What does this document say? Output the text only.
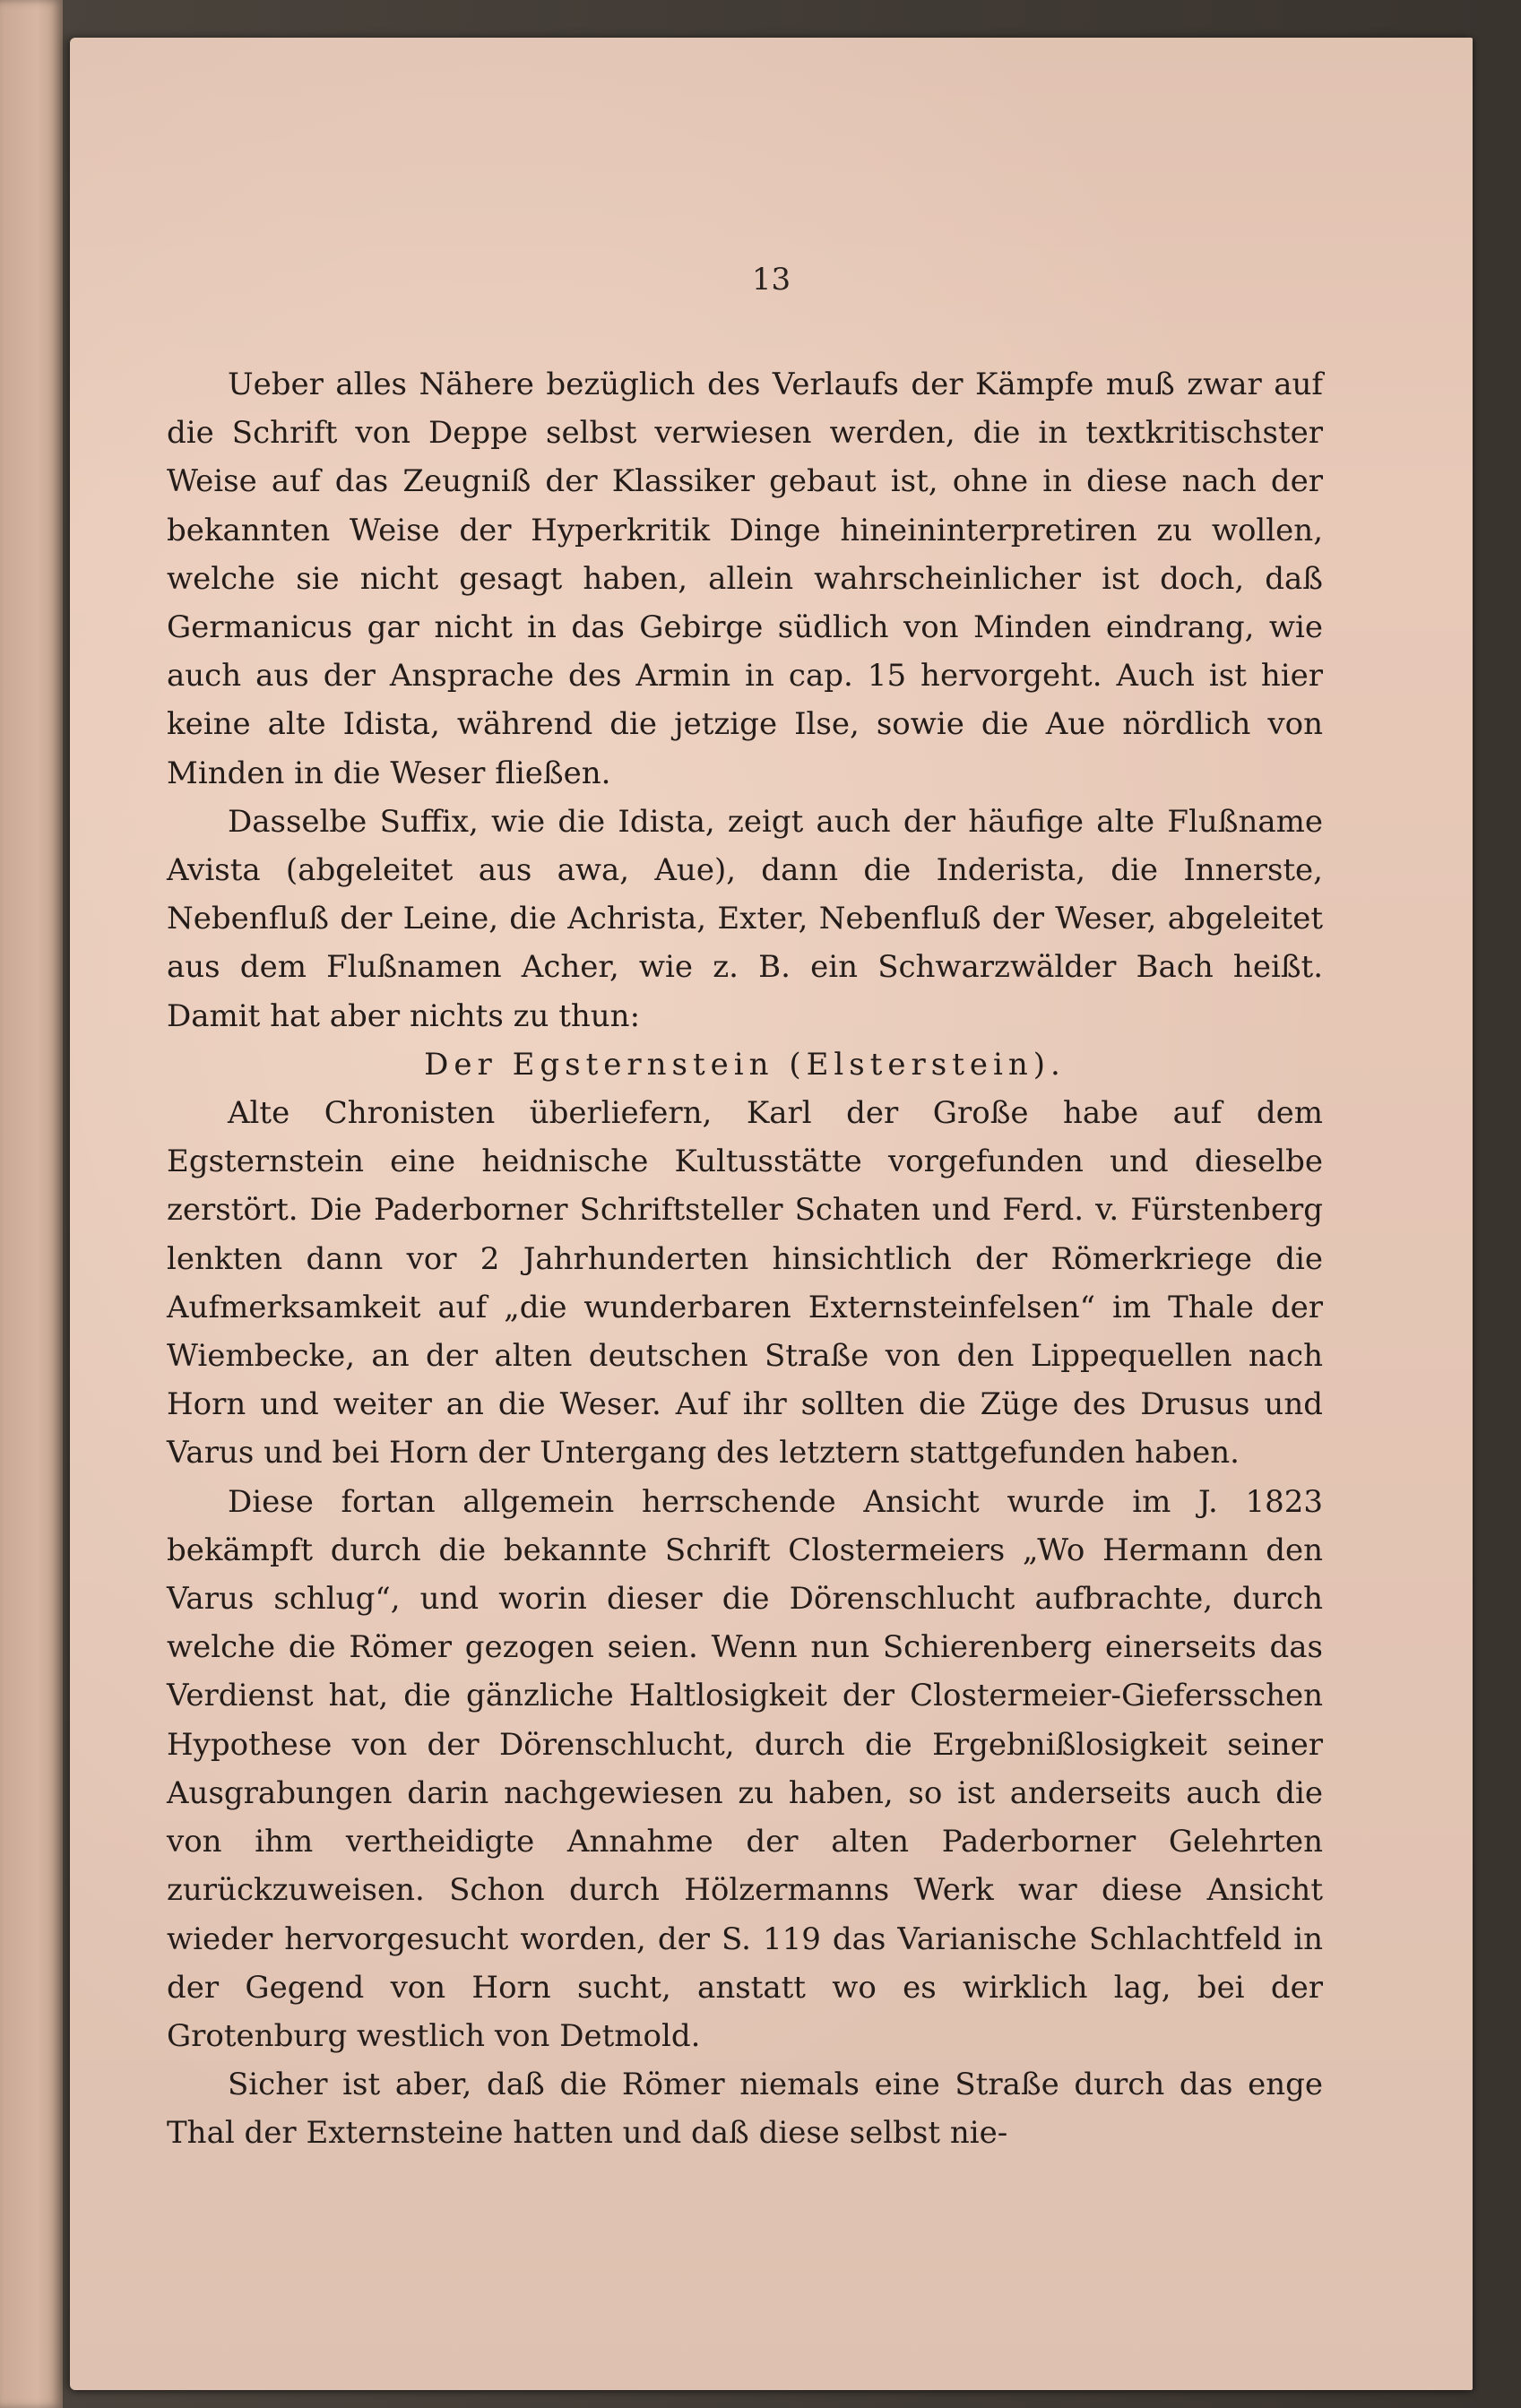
13

Ueber alles Nähere bezüglich des Verlaufs der Kämpfe muß zwar auf die Schrift von Deppe selbst verwiesen werden, die in textkritischster Weise auf das Zeugniß der Klassiker gebaut ist, ohne in diese nach der bekannten Weise der Hyperkritik Dinge hineininterpretiren zu wollen, welche sie nicht gesagt haben, allein wahrscheinlicher ist doch, daß Germanicus gar nicht in das Gebirge südlich von Minden eindrang, wie auch aus der Ansprache des Armin in cap. 15 hervorgeht. Auch ist hier keine alte Idista, während die jetzige Ilse, sowie die Aue nördlich von Minden in die Weser fließen.

Dasselbe Suffix, wie die Idista, zeigt auch der häufige alte Flußname Avista (abgeleitet aus awa, Aue), dann die Inderista, die Innerste, Nebenfluß der Leine, die Achrista, Exter, Nebenfluß der Weser, abgeleitet aus dem Flußnamen Acher, wie z. B. ein Schwarzwälder Bach heißt. Damit hat aber nichts zu thun:

Der Egsternstein (Elsterstein).

Alte Chronisten überliefern, Karl der Große habe auf dem Egsternstein eine heidnische Kultusstätte vorgefunden und dieselbe zerstört. Die Paderborner Schriftsteller Schaten und Ferd. v. Fürstenberg lenkten dann vor 2 Jahrhunderten hinsichtlich der Römerkriege die Aufmerksamkeit auf „die wunderbaren Externsteinfelsen“ im Thale der Wiembecke, an der alten deutschen Straße von den Lippequellen nach Horn und weiter an die Weser. Auf ihr sollten die Züge des Drusus und Varus und bei Horn der Untergang des letztern stattgefunden haben.

Diese fortan allgemein herrschende Ansicht wurde im J. 1823 bekämpft durch die bekannte Schrift Clostermeiers „Wo Hermann den Varus schlug“, und worin dieser die Dörenschlucht aufbrachte, durch welche die Römer gezogen seien. Wenn nun Schierenberg einerseits das Verdienst hat, die gänzliche Haltlosigkeit der Clostermeier-Giefersschen Hypothese von der Dörenschlucht, durch die Ergebnißlosigkeit seiner Ausgrabungen darin nachgewiesen zu haben, so ist anderseits auch die von ihm vertheidigte Annahme der alten Paderborner Gelehrten zurückzuweisen. Schon durch Hölzermanns Werk war diese Ansicht wieder hervorgesucht worden, der S. 119 das Varianische Schlachtfeld in der Gegend von Horn sucht, anstatt wo es wirklich lag, bei der Grotenburg westlich von Detmold.

Sicher ist aber, daß die Römer niemals eine Straße durch das enge Thal der Externsteine hatten und daß diese selbst nie-
